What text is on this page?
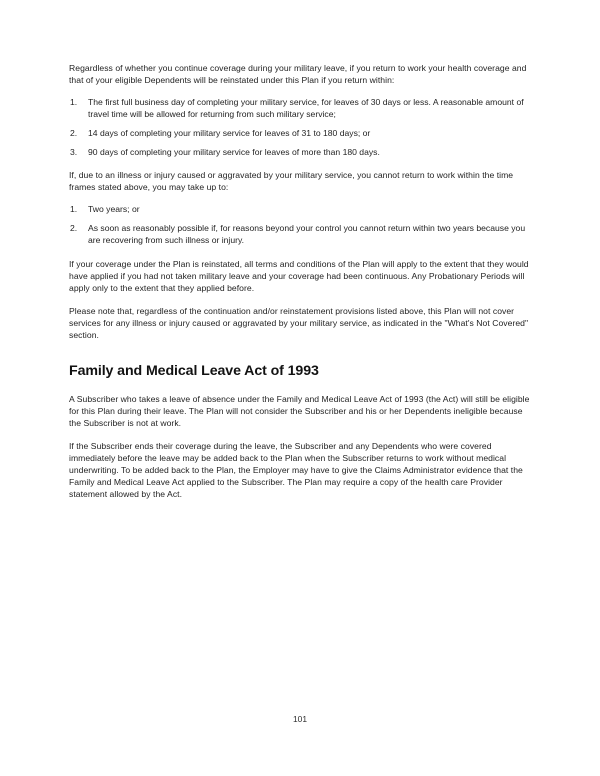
Regardless of whether you continue coverage during your military leave, if you return to work your health coverage and that of your eligible Dependents will be reinstated under this Plan if you return within:

1.	The first full business day of completing your military service, for leaves of 30 days or less. A reasonable amount of travel time will be allowed for returning from such military service;
2.	14 days of completing your military service for leaves of 31 to 180 days; or
3.	90 days of completing your military service for leaves of more than 180 days.

If, due to an illness or injury caused or aggravated by your military service, you cannot return to work within the time frames stated above, you may take up to:

1.	Two years; or
2.	As soon as reasonably possible if, for reasons beyond your control you cannot return within two years because you are recovering from such illness or injury.

If your coverage under the Plan is reinstated, all terms and conditions of the Plan will apply to the extent that they would have applied if you had not taken military leave and your coverage had been continuous. Any Probationary Periods will apply only to the extent that they applied before.

Please note that, regardless of the continuation and/or reinstatement provisions listed above, this Plan will not cover services for any illness or injury caused or aggravated by your military service, as indicated in the "What's Not Covered" section.

Family and Medical Leave Act of 1993

A Subscriber who takes a leave of absence under the Family and Medical Leave Act of 1993 (the Act) will still be eligible for this Plan during their leave. The Plan will not consider the Subscriber and his or her Dependents ineligible because the Subscriber is not at work.

If the Subscriber ends their coverage during the leave, the Subscriber and any Dependents who were covered immediately before the leave may be added back to the Plan when the Subscriber returns to work without medical underwriting. To be added back to the Plan, the Employer may have to give the Claims Administrator evidence that the Family and Medical Leave Act applied to the Subscriber. The Plan may require a copy of the health care Provider statement allowed by the Act.

101
